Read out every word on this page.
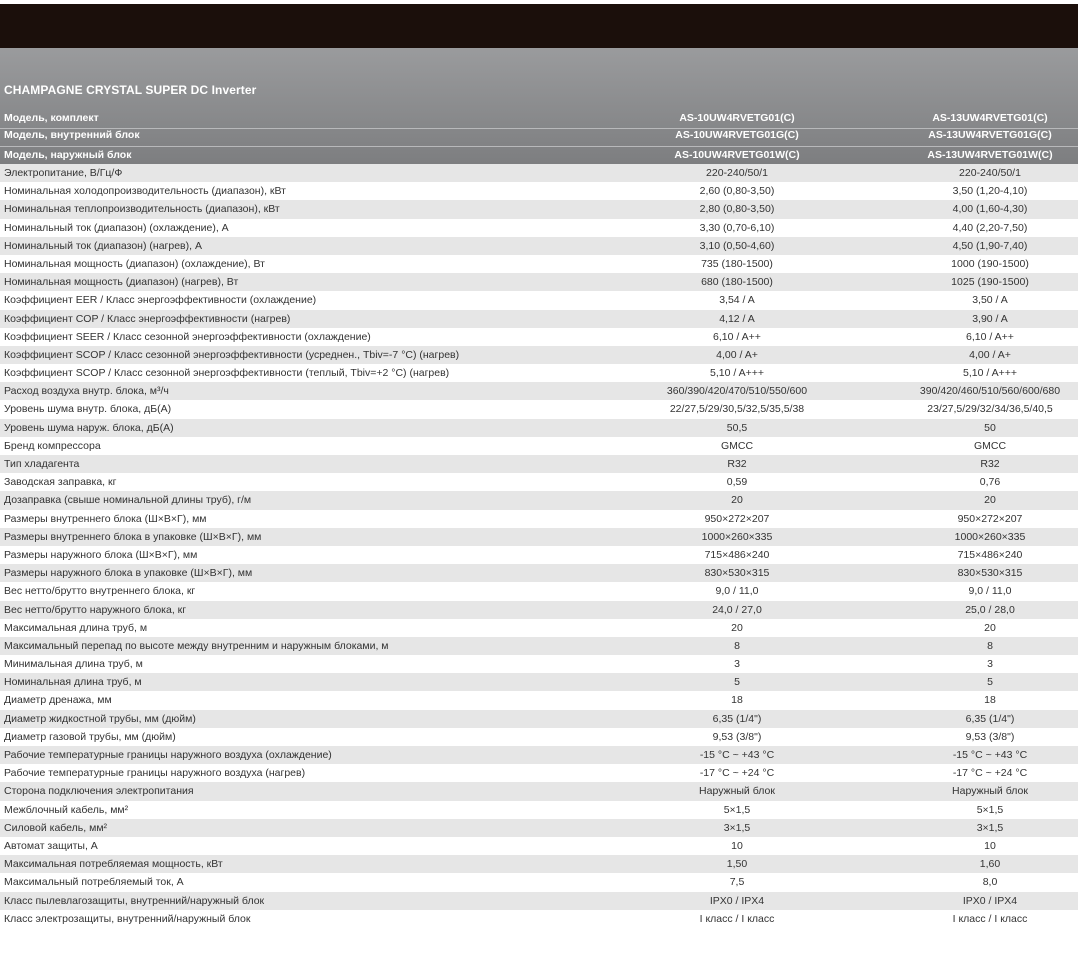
CHAMPAGNE CRYSTAL SUPER DC Inverter
Модель, комплект	AS-10UW4RVETG01(C)	AS-13UW4RVETG01(C)
Модель, внутренний блок	AS-10UW4RVETG01G(C)	AS-13UW4RVETG01G(C)
Модель, наружный блок	AS-10UW4RVETG01W(C)	AS-13UW4RVETG01W(C)
Электропитание, В/Гц/Ф	220-240/50/1	220-240/50/1
Номинальная холодопроизводительность (диапазон), кВт	2,60 (0,80-3,50)	3,50 (1,20-4,10)
Номинальная теплопроизводительность (диапазон), кВт	2,80 (0,80-3,50)	4,00 (1,60-4,30)
Номинальный ток (диапазон) (охлаждение), А	3,30 (0,70-6,10)	4,40 (2,20-7,50)
Номинальный ток (диапазон) (нагрев), А	3,10 (0,50-4,60)	4,50 (1,90-7,40)
Номинальная мощность (диапазон) (охлаждение), Вт	735 (180-1500)	1000 (190-1500)
Номинальная мощность (диапазон) (нагрев), Вт	680 (180-1500)	1025 (190-1500)
Коэффициент EER / Класс энергоэффективности (охлаждение)	3,54 / A	3,50 / A
Коэффициент COP / Класс энергоэффективности (нагрев)	4,12 / A	3,90 / A
Коэффициент SEER / Класс сезонной энергоэффективности (охлаждение)	6,10 / A++	6,10 / A++
Коэффициент SCOP / Класс сезонной энергоэффективности (усреднен., Tbiv=-7 °C) (нагрев)	4,00 / A+	4,00 / A+
Коэффициент SCOP / Класс сезонной энергоэффективности (теплый, Tbiv=+2 °C) (нагрев)	5,10 / A+++	5,10 / A+++
Расход воздуха внутр. блока, м³/ч	360/390/420/470/510/550/600	390/420/460/510/560/600/680
Уровень шума внутр. блока, дБ(А)	22/27,5/29/30,5/32,5/35,5/38	23/27,5/29/32/34/36,5/40,5
Уровень шума наруж. блока, дБ(А)	50,5	50
Бренд компрессора	GMCC	GMCC
Тип хладагента	R32	R32
Заводская заправка, кг	0,59	0,76
Дозаправка (свыше номинальной длины труб), г/м	20	20
Размеры внутреннего блока (Ш×В×Г), мм	950×272×207	950×272×207
Размеры внутреннего блока в упаковке (Ш×В×Г), мм	1000×260×335	1000×260×335
Размеры наружного блока (Ш×В×Г), мм	715×486×240	715×486×240
Размеры наружного блока в упаковке (Ш×В×Г), мм	830×530×315	830×530×315
Вес нетто/брутто внутреннего блока, кг	9,0 / 11,0	9,0 / 11,0
Вес нетто/брутто наружного блока, кг	24,0 / 27,0	25,0 / 28,0
Максимальная длина труб, м	20	20
Максимальный перепад по высоте между внутренним и наружным блоками, м	8	8
Минимальная длина труб, м	3	3
Номинальная длина труб, м	5	5
Диаметр дренажа, мм	18	18
Диаметр жидкостной трубы, мм (дюйм)	6,35 (1/4")	6,35 (1/4")
Диаметр газовой трубы, мм (дюйм)	9,53 (3/8")	9,53 (3/8")
Рабочие температурные границы наружного воздуха (охлаждение)	-15 °C ~ +43 °C	-15 °C ~ +43 °C
Рабочие температурные границы наружного воздуха (нагрев)	-17 °C ~ +24 °C	-17 °C ~ +24 °C
Сторона подключения электропитания	Наружный блок	Наружный блок
Межблочный кабель, мм²	5×1,5	5×1,5
Силовой кабель, мм²	3×1,5	3×1,5
Автомат защиты, А	10	10
Максимальная потребляемая мощность, кВт	1,50	1,60
Максимальный потребляемый ток, А	7,5	8,0
Класс пылевлагозащиты, внутренний/наружный блок	IPX0 / IPX4	IPX0 / IPX4
Класс электрозащиты, внутренний/наружный блок	I класс / I класс	I класс / I класс
